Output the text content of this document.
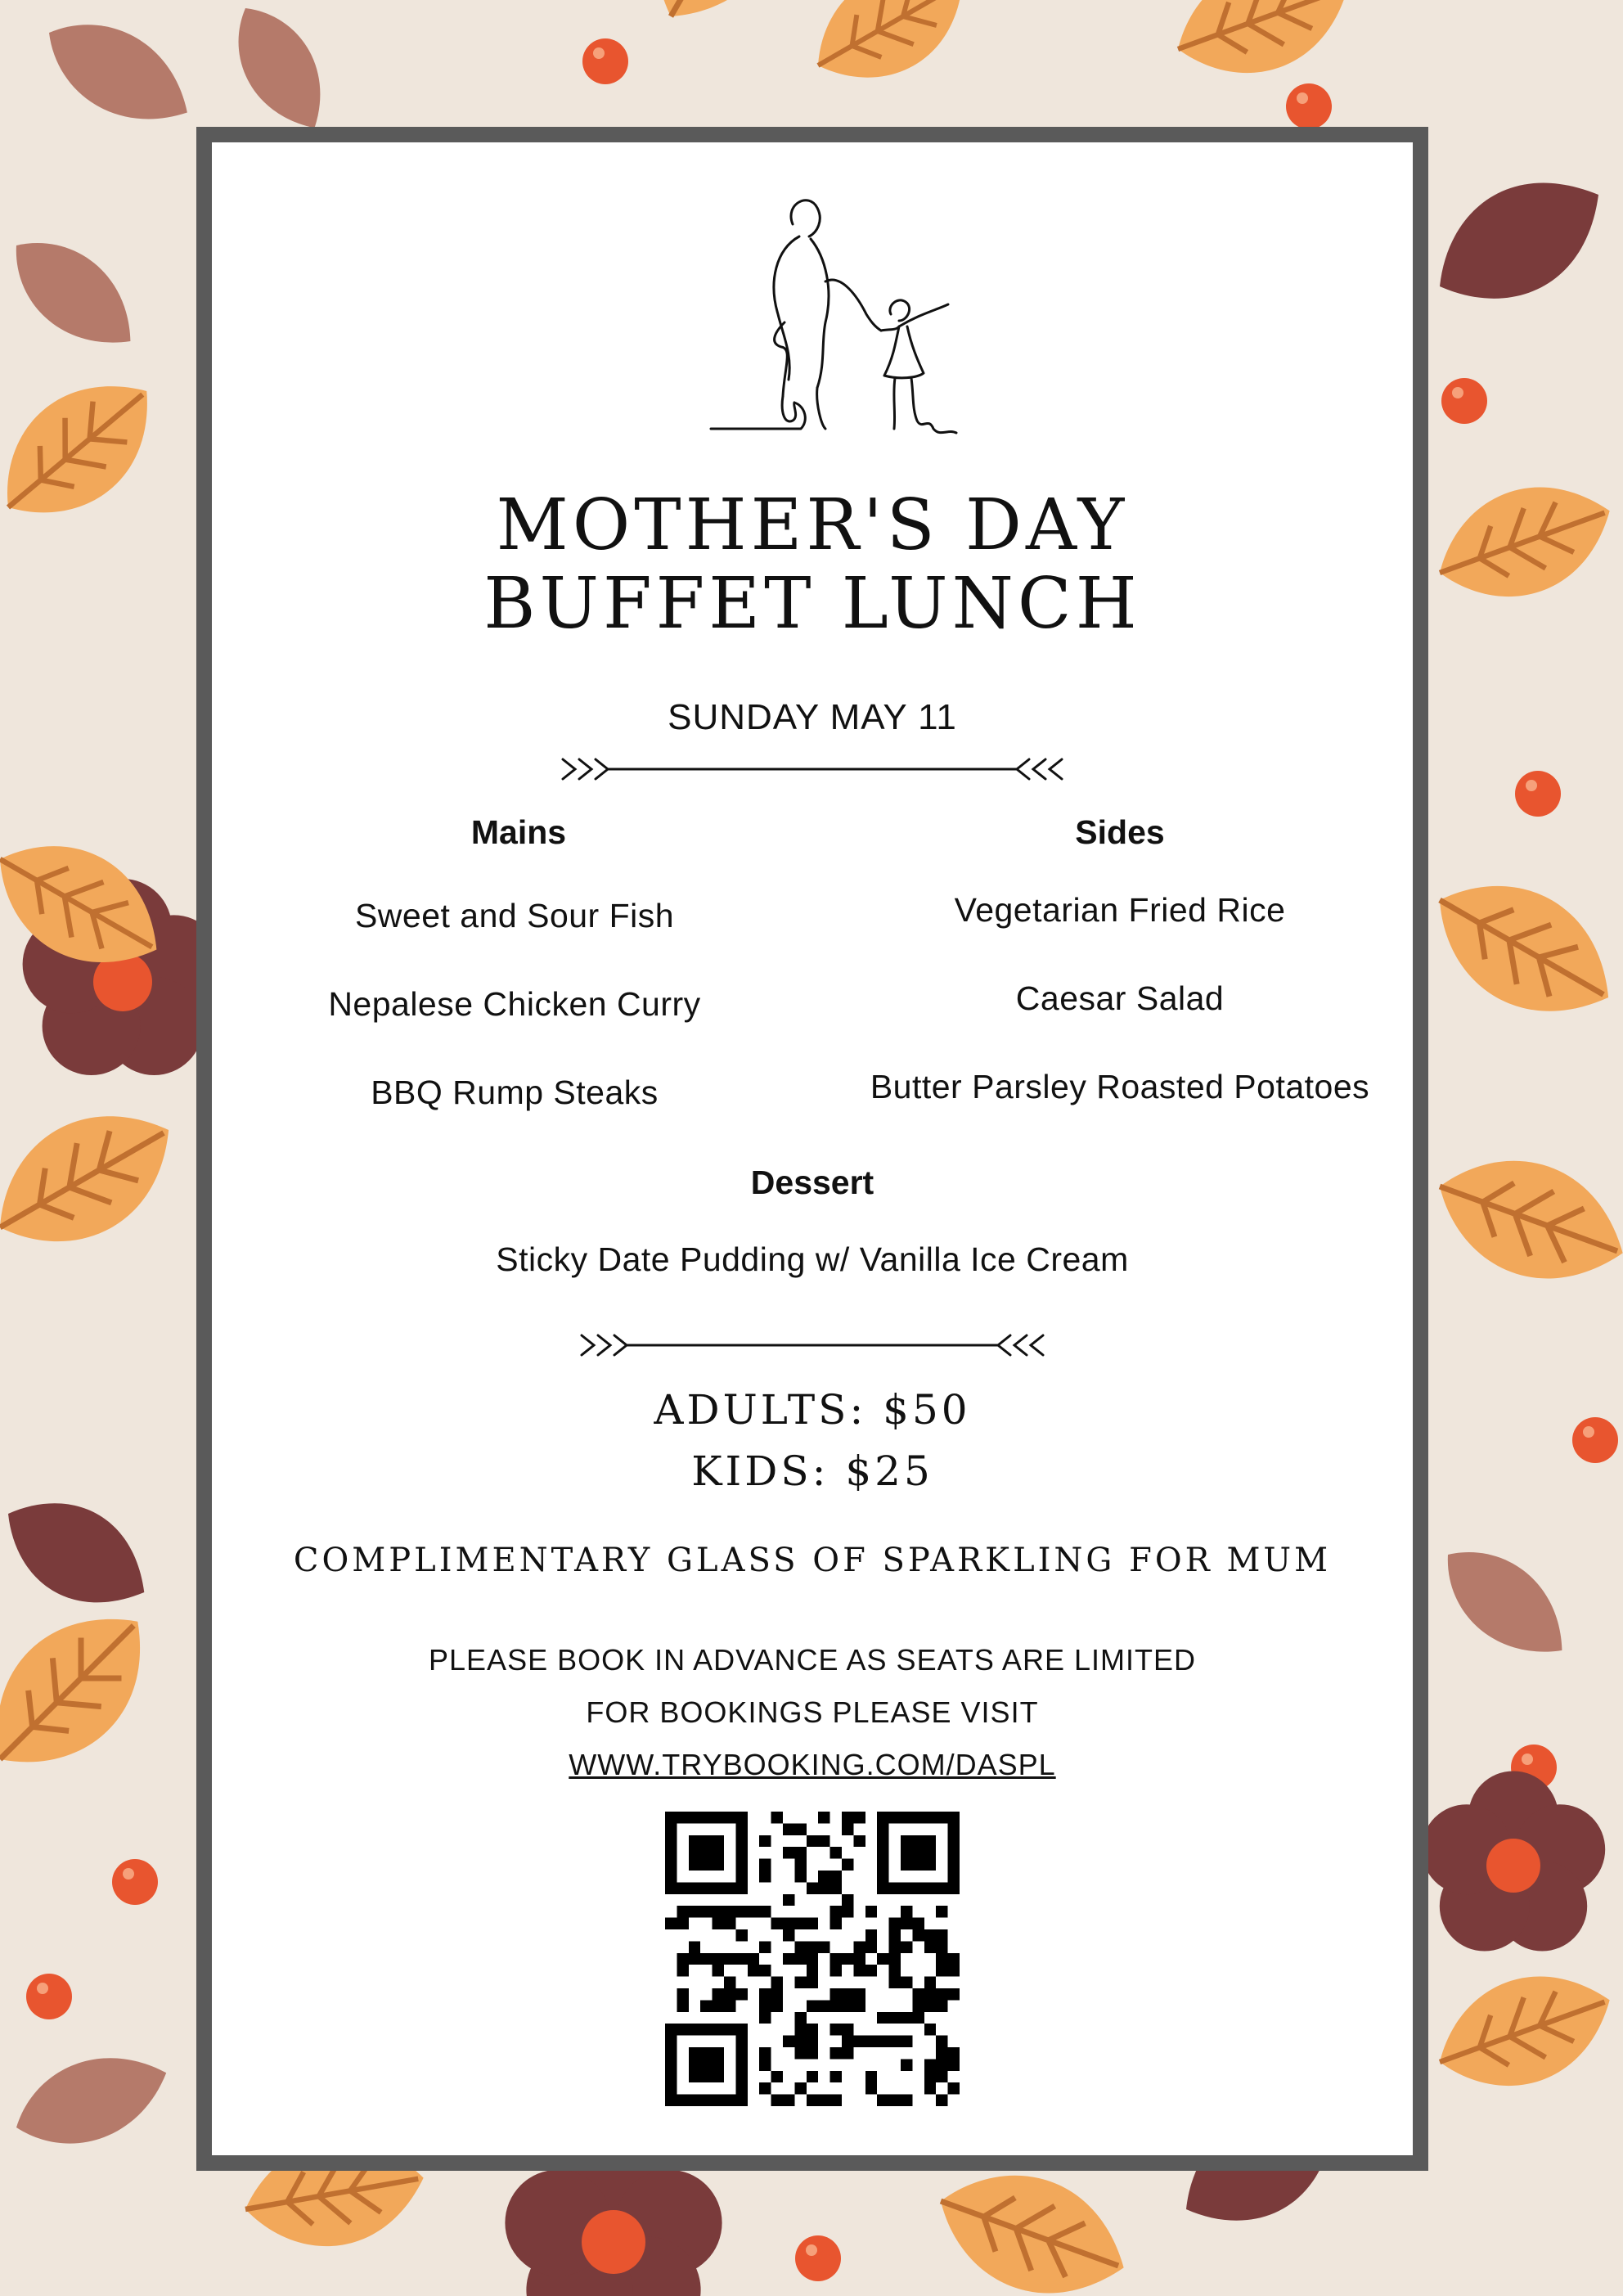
MOTHER'S DAY
BUFFET LUNCH
SUNDAY MAY 11
Mains
Sweet and Sour Fish
Nepalese Chicken Curry
BBQ Rump Steaks
Sides
Vegetarian Fried Rice
Caesar Salad
Butter Parsley Roasted Potatoes
Dessert
Sticky Date Pudding w/ Vanilla Ice Cream
ADULTS: $50
KIDS: $25
COMPLIMENTARY GLASS OF SPARKLING FOR MUM
PLEASE BOOK IN ADVANCE AS SEATS ARE LIMITED
FOR BOOKINGS PLEASE VISIT
WWW.TRYBOOKING.COM/DASPL
